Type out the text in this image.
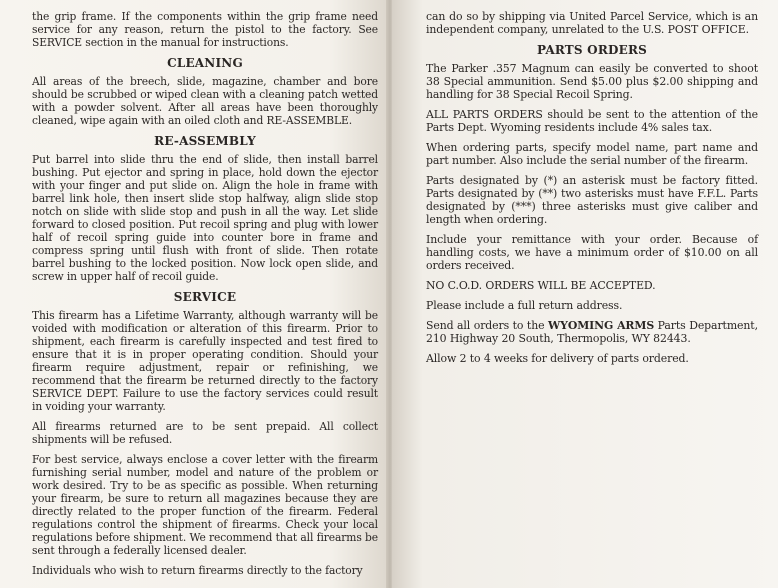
the grip frame. If the components within the grip frame need service for any reason, return the pistol to the factory. See SERVICE section in the manual for instructions.

CLEANING

All areas of the breech, slide, magazine, chamber and bore should be scrubbed or wiped clean with a cleaning patch wetted with a powder solvent. After all areas have been thoroughly cleaned, wipe again with an oiled cloth and RE-ASSEMBLE.

RE-ASSEMBLY

Put barrel into slide thru the end of slide, then install barrel bushing. Put ejector and spring in place, hold down the ejector with your finger and put slide on. Align the hole in frame with barrel link hole, then insert slide stop halfway, align slide stop notch on slide with slide stop and push in all the way. Let slide forward to closed position. Put recoil spring and plug with lower half of recoil spring guide into counter bore in frame and compress spring until flush with front of slide. Then rotate barrel bushing to the locked position. Now lock open slide, and screw in upper half of recoil guide.

SERVICE

This firearm has a Lifetime Warranty, although warranty will be voided with modification or alteration of this firearm. Prior to shipment, each firearm is carefully inspected and test fired to ensure that it is in proper operating condition. Should your firearm require adjustment, repair or refinishing, we recommend that the firearm be returned directly to the factory SERVICE DEPT. Failure to use the factory services could result in voiding your warranty.

All firearms returned are to be sent prepaid. All collect shipments will be refused.

For best service, always enclose a cover letter with the firearm furnishing serial number, model and nature of the problem or work desired. Try to be as specific as possible. When returning your firearm, be sure to return all magazines because they are directly related to the proper function of the firearm. Federal regulations control the shipment of firearms. Check your local regulations before shipment. We recommend that all firearms be sent through a federally licensed dealer.

Individuals who wish to return firearms directly to the factory

can do so by shipping via United Parcel Service, which is an independent company, unrelated to the U.S. POST OFFICE.

PARTS ORDERS

The Parker .357 Magnum can easily be converted to shoot 38 Special ammunition. Send $5.00 plus $2.00 shipping and handling for 38 Special Recoil Spring.

ALL PARTS ORDERS should be sent to the attention of the Parts Dept. Wyoming residents include 4% sales tax.

When ordering parts, specify model name, part name and part number. Also include the serial number of the firearm.

Parts designated by (*) an asterisk must be factory fitted. Parts designated by (**) two asterisks must have F.F.L. Parts designated by (***) three asterisks must give caliber and length when ordering.

Include your remittance with your order. Because of handling costs, we have a minimum order of $10.00 on all orders received.

NO C.O.D. ORDERS WILL BE ACCEPTED.

Please include a full return address.

Send all orders to the WYOMING ARMS Parts Department, 210 Highway 20 South, Thermopolis, WY 82443.

Allow 2 to 4 weeks for delivery of parts ordered.
